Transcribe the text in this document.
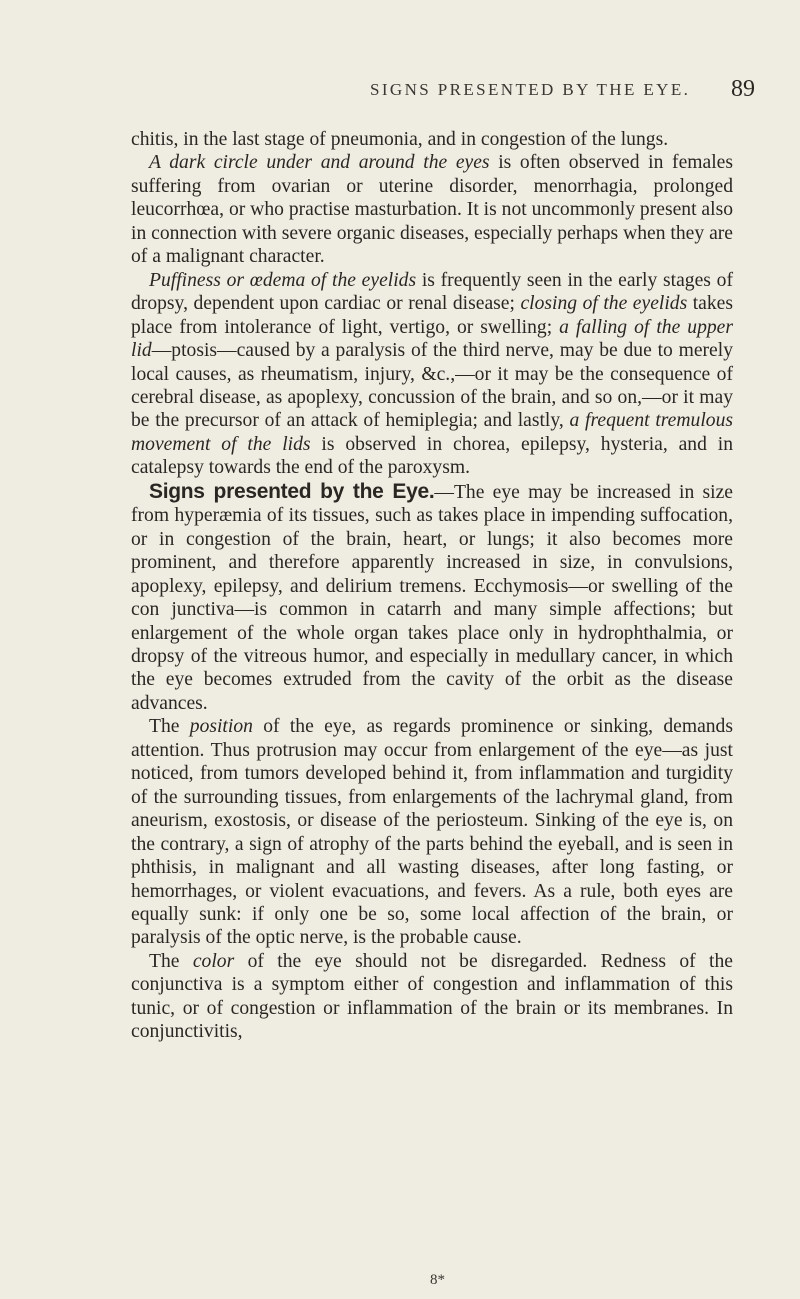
SIGNS PRESENTED BY THE EYE. 89

chitis, in the last stage of pneumonia, and in congestion of the lungs.

A dark circle under and around the eyes is often observed in females suffering from ovarian or uterine disorder, menorrhagia, prolonged leucorrhœa, or who practise masturbation. It is not uncommonly present also in connection with severe organic diseases, especially perhaps when they are of a malignant character.

Puffiness or œdema of the eyelids is frequently seen in the early stages of dropsy, dependent upon cardiac or renal disease; closing of the eyelids takes place from intolerance of light, vertigo, or swelling; a falling of the upper lid—ptosis—caused by a paralysis of the third nerve, may be due to merely local causes, as rheumatism, injury, &c.,—or it may be the consequence of cerebral disease, as apoplexy, concussion of the brain, and so on,—or it may be the precursor of an attack of hemiplegia; and lastly, a frequent tremulous movement of the lids is observed in chorea, epilepsy, hysteria, and in catalepsy towards the end of the paroxysm.

Signs presented by the Eye.—The eye may be increased in size from hyperæmia of its tissues, such as takes place in impending suffocation, or in congestion of the brain, heart, or lungs; it also becomes more prominent, and therefore apparently increased in size, in convulsions, apoplexy, epilepsy, and delirium tremens. Ecchymosis—or swelling of the con junctiva—is common in catarrh and many simple affections; but enlargement of the whole organ takes place only in hydrophthalmia, or dropsy of the vitreous humor, and especially in medullary cancer, in which the eye becomes extruded from the cavity of the orbit as the disease advances.

The position of the eye, as regards prominence or sinking, demands attention. Thus protrusion may occur from enlargement of the eye—as just noticed, from tumors developed behind it, from inflammation and turgidity of the surrounding tissues, from enlargements of the lachrymal gland, from aneurism, exostosis, or disease of the periosteum. Sinking of the eye is, on the contrary, a sign of atrophy of the parts behind the eyeball, and is seen in phthisis, in malignant and all wasting diseases, after long fasting, or hemorrhages, or violent evacuations, and fevers. As a rule, both eyes are equally sunk: if only one be so, some local affection of the brain, or paralysis of the optic nerve, is the probable cause.

The color of the eye should not be disregarded. Redness of the conjunctiva is a symptom either of congestion and inflammation of this tunic, or of congestion or inflammation of the brain or its membranes. In conjunctivitis,

8*
